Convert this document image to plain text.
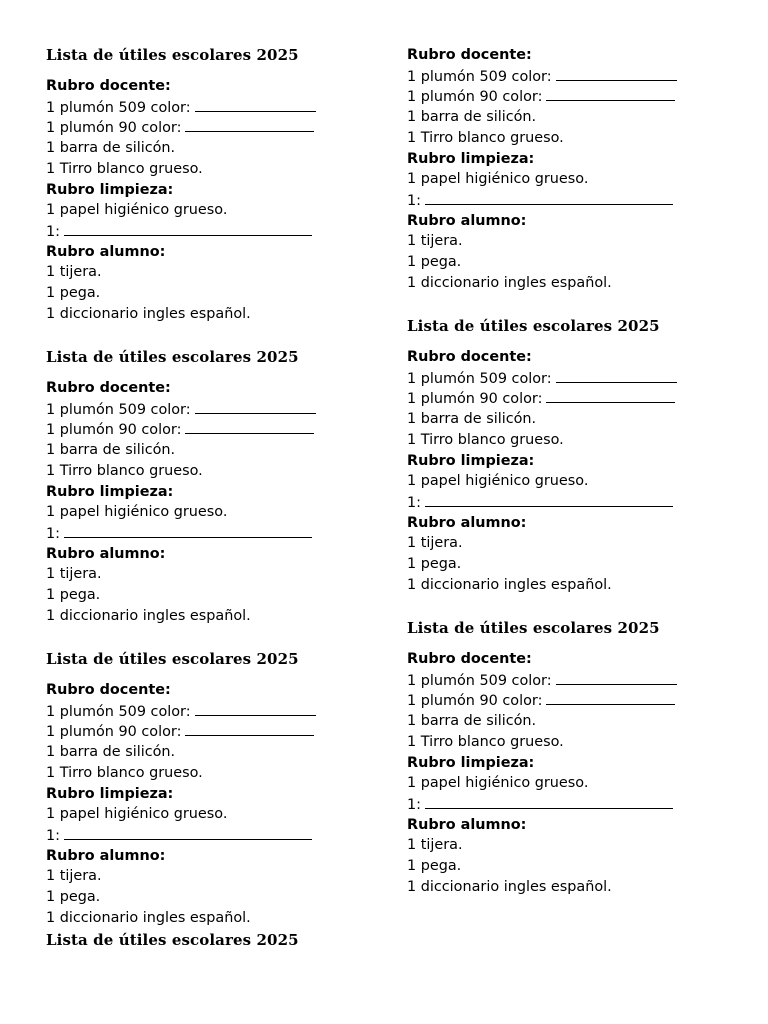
Lista de útiles escolares 2025
Rubro docente:
1 plumón 509 color:
1 plumón 90 color:
1 barra de silicón.
1 Tirro blanco grueso.
Rubro limpieza:
1 papel higiénico grueso.
1:
Rubro alumno:
1 tijera.
1 pega.
1 diccionario ingles español.
Lista de útiles escolares 2025
Rubro docente:
1 plumón 509 color:
1 plumón 90 color:
1 barra de silicón.
1 Tirro blanco grueso.
Rubro limpieza:
1 papel higiénico grueso.
1:
Rubro alumno:
1 tijera.
1 pega.
1 diccionario ingles español.
Lista de útiles escolares 2025
Rubro docente:
1 plumón 509 color:
1 plumón 90 color:
1 barra de silicón.
1 Tirro blanco grueso.
Rubro limpieza:
1 papel higiénico grueso.
1:
Rubro alumno:
1 tijera.
1 pega.
1 diccionario ingles español.
Rubro docente:
1 plumón 509 color:
1 plumón 90 color:
1 barra de silicón.
1 Tirro blanco grueso.
Rubro limpieza:
1 papel higiénico grueso.
1:
Rubro alumno:
1 tijera.
1 pega.
1 diccionario ingles español.
Lista de útiles escolares 2025
Rubro docente:
1 plumón 509 color:
1 plumón 90 color:
1 barra de silicón.
1 Tirro blanco grueso.
Rubro limpieza:
1 papel higiénico grueso.
1:
Rubro alumno:
1 tijera.
1 pega.
1 diccionario ingles español.
Lista de útiles escolares 2025
Rubro docente:
1 plumón 509 color:
1 plumón 90 color:
1 barra de silicón.
1 Tirro blanco grueso.
Rubro limpieza:
1 papel higiénico grueso.
1:
Rubro alumno:
1 tijera.
1 pega.
1 diccionario ingles español.
Lista de útiles escolares 2025
